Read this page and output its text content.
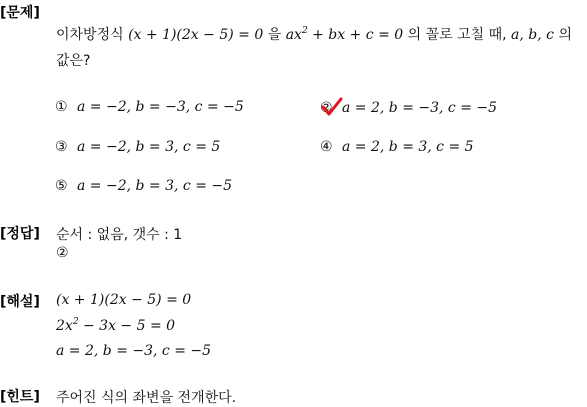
[문제]
이차방정식 (x + 1)(2x − 5) = 0 을 $ax^2$ + bx + c = 0 의 꼴로 고칠 때, a, b, c 의
값은?
① a = −2, b = −3, c = −5	② a = 2, b = −3, c = −5
③ a = −2, b = 3, c = 5	④ a = 2, b = 3, c = 5
⑤ a = −2, b = 3, c = −5
[정답] 순서 : 없음, 갯수 : 1
②
[해설] (x + 1)(2x − 5) = 0
$2x^2 - 3x - 5 = 0$
a = 2, b = −3, c = −5
[힌트] 주어진 식의 좌변을 전개한다.
